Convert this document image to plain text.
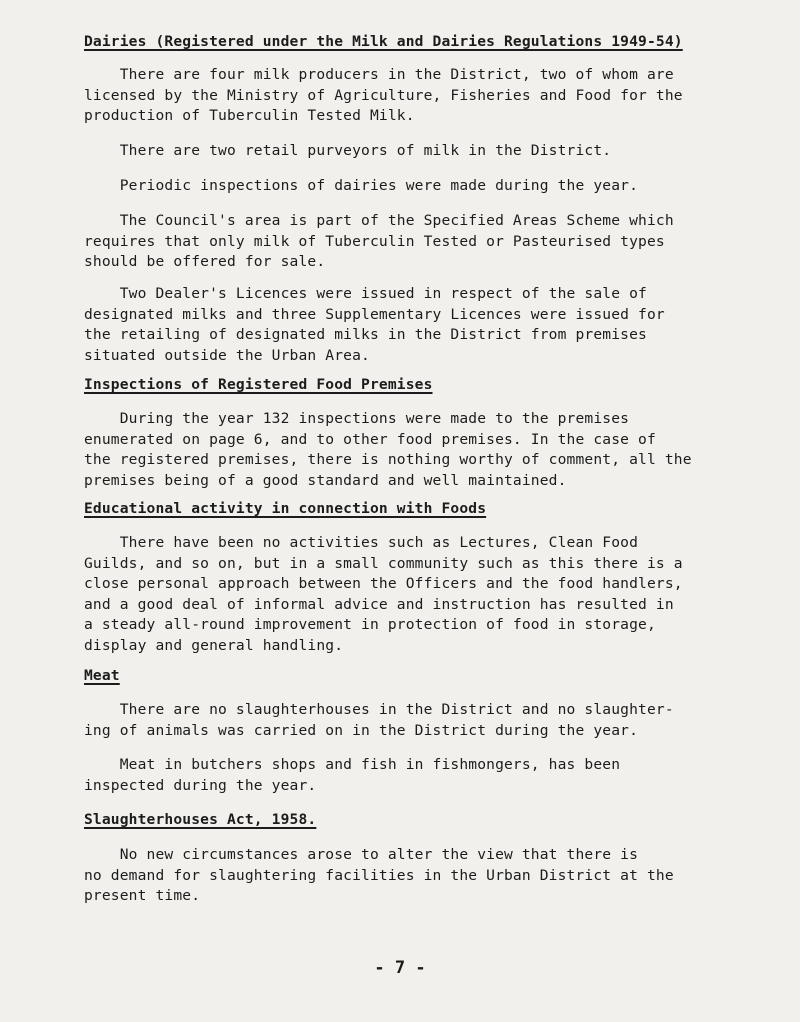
Dairies (Registered under the Milk and Dairies Regulations 1949-54)
There are four milk producers in the District, two of whom are
licensed by the Ministry of Agriculture, Fisheries and Food for the
production of Tuberculin Tested Milk.
There are two retail purveyors of milk in the District.
Periodic inspections of dairies were made during the year.
The Council's area is part of the Specified Areas Scheme which
requires that only milk of Tuberculin Tested or Pasteurised types
should be offered for sale.
Two Dealer's Licences were issued in respect of the sale of
designated milks and three Supplementary Licences were issued for
the retailing of designated milks in the District from premises
situated outside the Urban Area.
Inspections of Registered Food Premises
During the year 132 inspections were made to the premises
enumerated on page 6, and to other food premises. In the case of
the registered premises, there is nothing worthy of comment, all the
premises being of a good standard and well maintained.
Educational activity in connection with Foods
There have been no activities such as Lectures, Clean Food
Guilds, and so on, but in a small community such as this there is a
close personal approach between the Officers and the food handlers,
and a good deal of informal advice and instruction has resulted in
a steady all-round improvement in protection of food in storage,
display and general handling.
Meat
There are no slaughterhouses in the District and no slaughter-
ing of animals was carried on in the District during the year.
Meat in butchers shops and fish in fishmongers, has been
inspected during the year.
Slaughterhouses Act, 1958.
No new circumstances arose to alter the view that there is
no demand for slaughtering facilities in the Urban District at the
present time.
- 7 -
